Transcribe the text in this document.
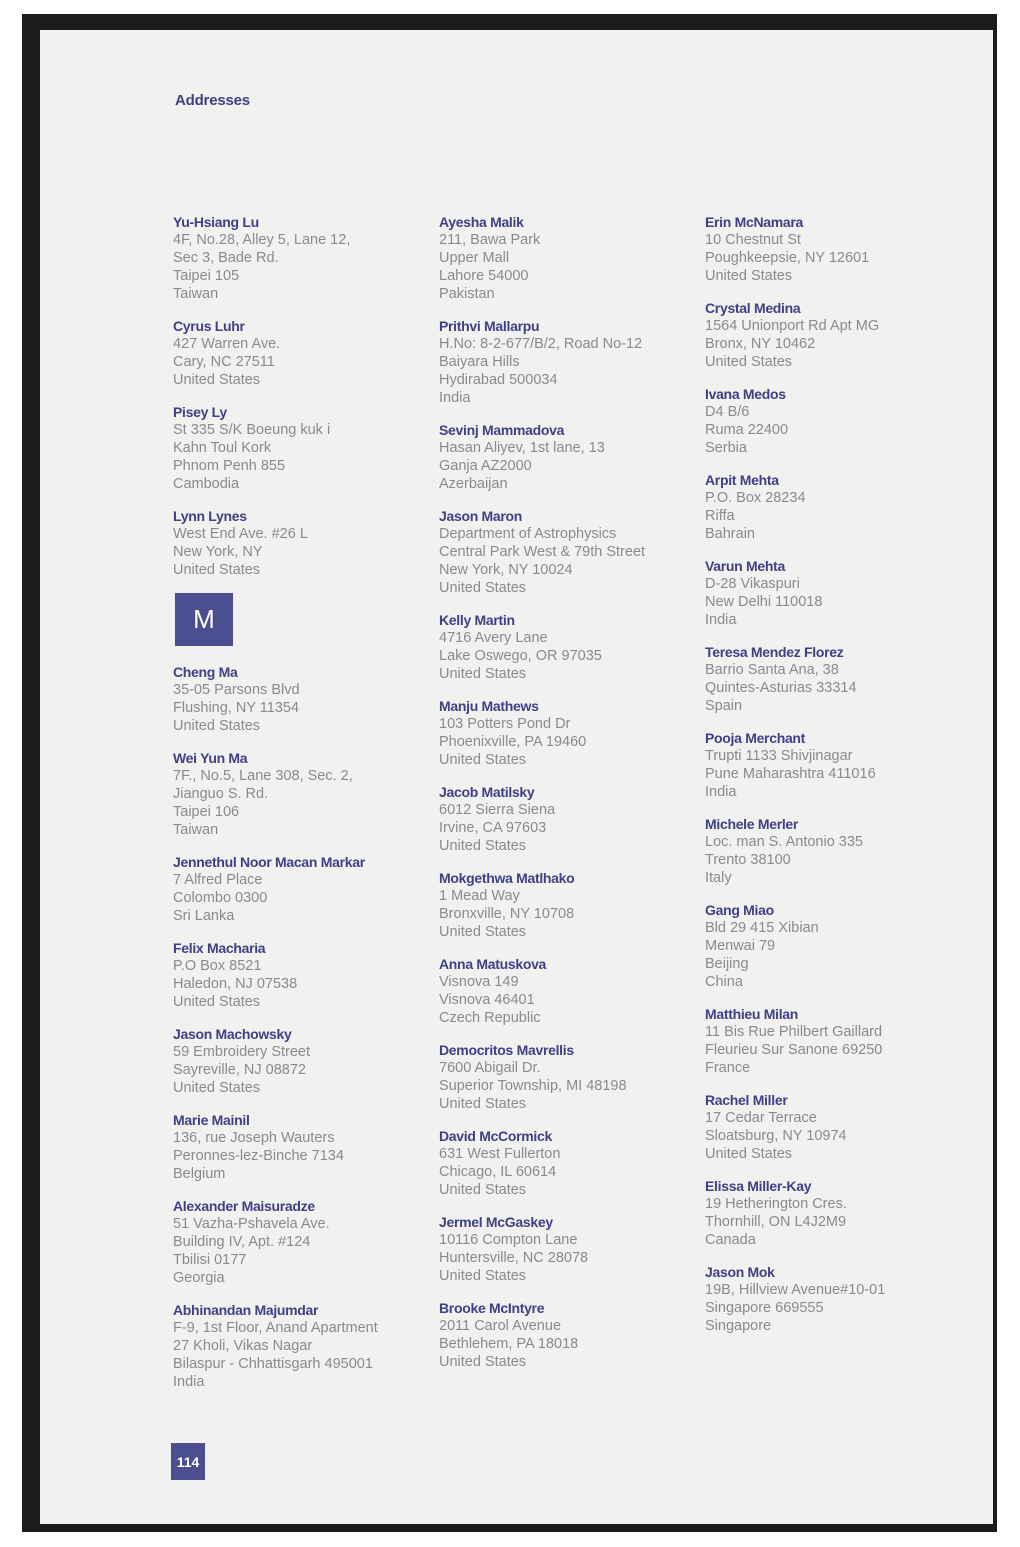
Addresses
Yu-Hsiang Lu
4F, No.28, Alley 5, Lane 12,
Sec 3, Bade Rd.
Taipei 105
Taiwan
Cyrus Luhr
427 Warren Ave.
Cary, NC 27511
United States
Pisey Ly
St 335 S/K Boeung kuk i
Kahn Toul Kork
Phnom Penh 855
Cambodia
Lynn Lynes
West End Ave. #26 L
New York, NY
United States
M
Cheng Ma
35-05 Parsons Blvd
Flushing, NY 11354
United States
Wei Yun Ma
7F., No.5, Lane 308, Sec. 2,
Jianguo S. Rd.
Taipei 106
Taiwan
Jennethul Noor Macan Markar
7 Alfred Place
Colombo 0300
Sri Lanka
Felix Macharia
P.O Box 8521
Haledon, NJ 07538
United States
Jason Machowsky
59 Embroidery Street
Sayreville, NJ 08872
United States
Marie Mainil
136, rue Joseph Wauters
Peronnes-lez-Binche 7134
Belgium
Alexander Maisuradze
51 Vazha-Pshavela Ave.
Building IV, Apt. #124
Tbilisi 0177
Georgia
Abhinandan Majumdar
F-9, 1st Floor, Anand Apartment
27 Kholi, Vikas Nagar
Bilaspur - Chhattisgarh 495001
India
Ayesha Malik
211, Bawa Park
Upper Mall
Lahore 54000
Pakistan
Prithvi Mallarpu
H.No: 8-2-677/B/2, Road No-12
Baiyara Hills
Hydirabad 500034
India
Sevinj Mammadova
Hasan Aliyev, 1st lane, 13
Ganja AZ2000
Azerbaijan
Jason Maron
Department of Astrophysics
Central Park West & 79th Street
New York, NY 10024
United States
Kelly Martin
4716 Avery Lane
Lake Oswego, OR 97035
United States
Manju Mathews
103 Potters Pond Dr
Phoenixville, PA 19460
United States
Jacob Matilsky
6012 Sierra Siena
Irvine, CA 97603
United States
Mokgethwa Matlhako
1 Mead Way
Bronxville, NY 10708
United States
Anna Matuskova
Visnova 149
Visnova 46401
Czech Republic
Democritos Mavrellis
7600 Abigail Dr.
Superior Township, MI 48198
United States
David McCormick
631 West Fullerton
Chicago, IL 60614
United States
Jermel McGaskey
10116 Compton Lane
Huntersville, NC 28078
United States
Brooke McIntyre
2011 Carol Avenue
Bethlehem, PA 18018
United States
Erin McNamara
10 Chestnut St
Poughkeepsie, NY 12601
United States
Crystal Medina
1564 Unionport Rd Apt MG
Bronx, NY 10462
United States
Ivana Medos
D4 B/6
Ruma 22400
Serbia
Arpit Mehta
P.O. Box 28234
Riffa
Bahrain
Varun Mehta
D-28 Vikaspuri
New Delhi 110018
India
Teresa Mendez Florez
Barrio Santa Ana, 38
Quintes-Asturias 33314
Spain
Pooja Merchant
Trupti 1133 Shivjinagar
Pune Maharashtra 411016
India
Michele Merler
Loc. man S. Antonio 335
Trento 38100
Italy
Gang Miao
Bld 29 415 Xibian
Menwai 79
Beijing
China
Matthieu Milan
11 Bis Rue Philbert Gaillard
Fleurieu Sur Sanone 69250
France
Rachel Miller
17 Cedar Terrace
Sloatsburg, NY 10974
United States
Elissa Miller-Kay
19 Hetherington Cres.
Thornhill, ON L4J2M9
Canada
Jason Mok
19B, Hillview Avenue#10-01
Singapore 669555
Singapore
114
